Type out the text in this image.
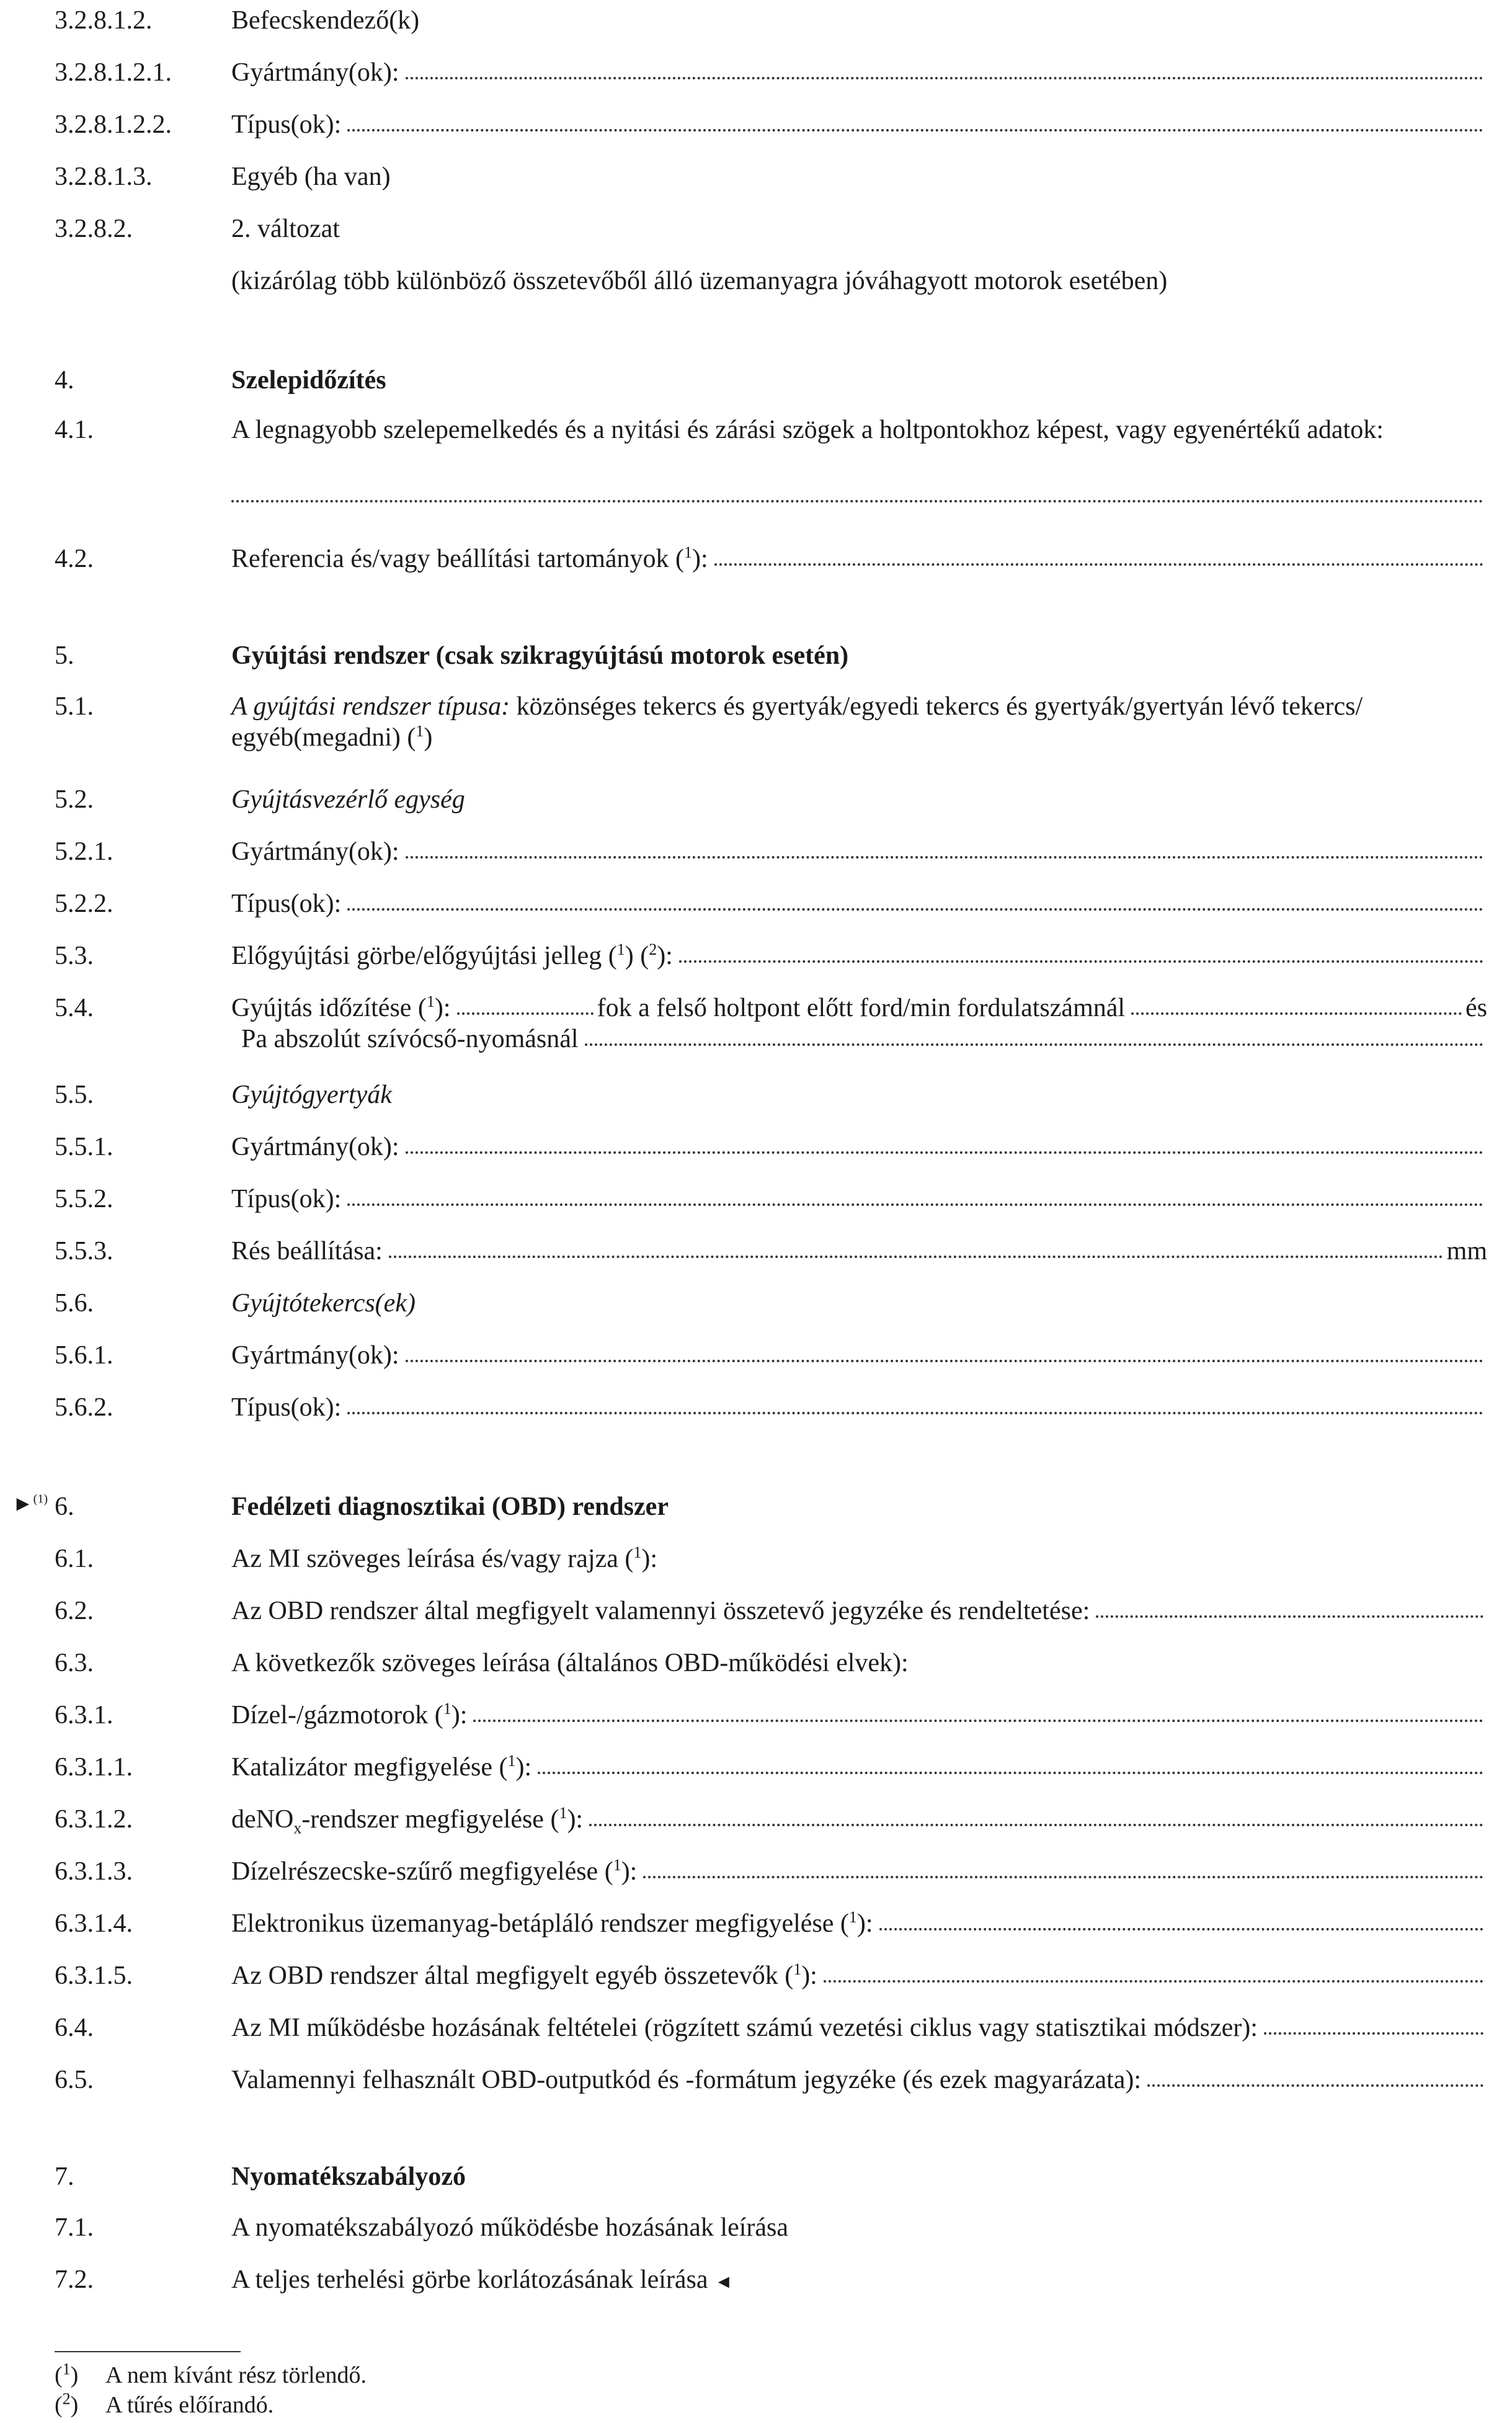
3.2.8.1.2.	Befecskendező(k)
3.2.8.1.2.1.	Gyártmány(ok):
3.2.8.1.2.2.	Típus(ok):
3.2.8.1.3.	Egyéb (ha van)
3.2.8.2.	2. változat
(kizárólag több különböző összetevőből álló üzemanyagra jóváhagyott motorok esetében)
4.	Szelepidőzítés
4.1.	A legnagyobb szelepemelkedés és a nyitási és zárási szögek a holtpontokhoz képest, vagy egyenértékű adatok:
4.2.	Referencia és/vagy beállítási tartományok ($^1$):
5.	Gyújtási rendszer (csak szikragyújtású motorok esetén)
5.1.	A gyújtási rendszer típusa: közönséges tekercs és gyertyák/egyedi tekercs és gyertyák/gyertyán lévő tekercs/ egyéb(megadni) ($^1$)
5.2.	Gyújtásvezérlő egység
5.2.1.	Gyártmány(ok):
5.2.2.	Típus(ok):
5.3.	Előgyújtási görbe/előgyújtási jelleg ($^1$) ($^2$):
5.4.	Gyújtás időzítése ($^1$):	fok a felső holtpont előtt ford/min fordulatszámnál	és
Pa abszolút szívócső-nyomásnál
5.5.	Gyújtógyertyák
5.5.1.	Gyártmány(ok):
5.5.2.	Típus(ok):
5.5.3.	Rés beállítása:	mm
5.6.	Gyújtótekercs(ek)
5.6.1.	Gyártmány(ok):
5.6.2.	Típus(ok):
►$^{(1)}$ 6.	Fedélzeti diagnosztikai (OBD) rendszer
6.1.	Az MI szöveges leírása és/vagy rajza ($^1$):
6.2.	Az OBD rendszer által megfigyelt valamennyi összetevő jegyzéke és rendeltetése:
6.3.	A következők szöveges leírása (általános OBD-működési elvek):
6.3.1.	Dízel-/gázmotorok ($^1$):
6.3.1.1.	Katalizátor megfigyelése ($^1$):
6.3.1.2.	deNO$_x$-rendszer megfigyelése ($^1$):
6.3.1.3.	Dízelrészecske-szűrő megfigyelése ($^1$):
6.3.1.4.	Elektronikus üzemanyag-betápláló rendszer megfigyelése ($^1$):
6.3.1.5.	Az OBD rendszer által megfigyelt egyéb összetevők ($^1$):
6.4.	Az MI működésbe hozásának feltételei (rögzített számú vezetési ciklus vagy statisztikai módszer):
6.5.	Valamennyi felhasznált OBD-outputkód és -formátum jegyzéke (és ezek magyarázata):
7.	Nyomatékszabályozó
7.1.	A nyomatékszabályozó működésbe hozásának leírása
7.2.	A teljes terhelési görbe korlátozásának leírása ◄
($^1$)	A nem kívánt rész törlendő.
($^2$)	A tűrés előírandó.
